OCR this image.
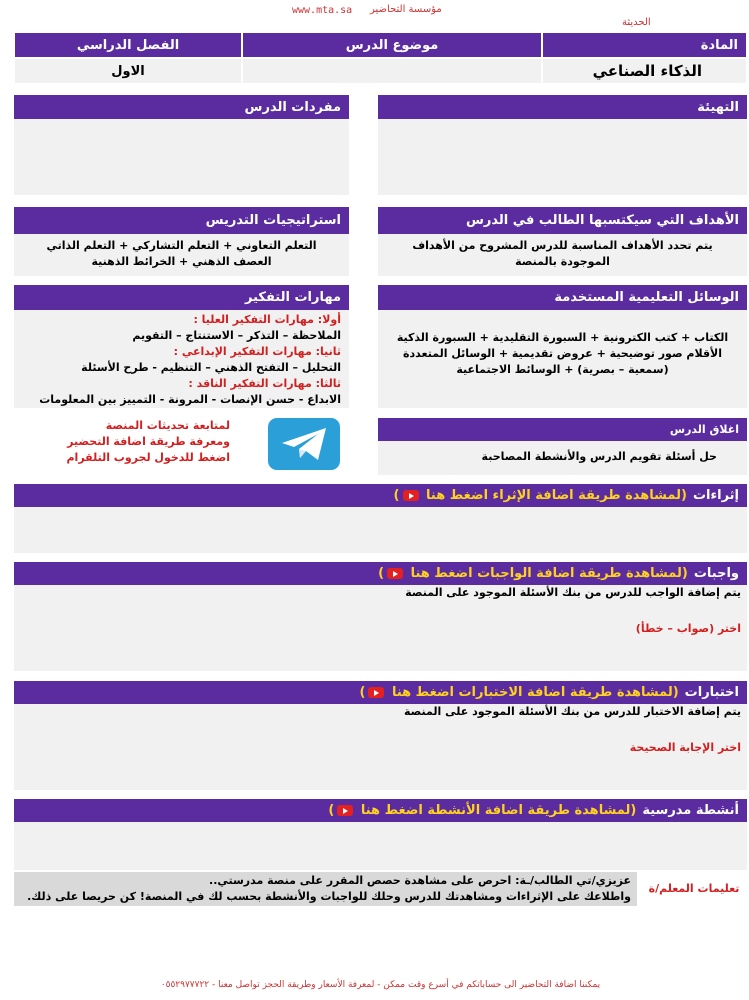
www.mta.sa مؤسسة التحاضير
الحديثة
المادة
موضوع الدرس
الفصل الدراسي
الذكاء الصناعي
الاول
التهيئة
مفردات الدرس
الأهداف التي سيكتسبها الطالب في الدرس
يتم تحدد الأهداف المناسبة للدرس المشروح من الأهداف الموجودة بالمنصة
استراتيجيات التدريس
التعلم التعاوني + التعلم التشاركي + التعلم الذاتي
العصف الذهني + الخرائط الذهنية
الوسائل التعليمية المستخدمة
الكتاب + كتب الكترونية + السبورة التقليدية + السبورة الذكية
الأقلام صور توضيحية + عروض تقديمية + الوسائل المتعددة
(سمعية – بصرية) + الوسائط الاجتماعية
مهارات التفكير
أولا: مهارات التفكير العليا :
الملاحظة – التذكر – الاستنتاج – التقويم
ثانيا: مهارات التفكير الإبداعي :
التحليل – التفتح الذهني – التنظيم - طرح الأسئلة
ثالثا: مهارات التفكير الناقد :
الابداع - حسن الإنصات - المرونة - التمييز بين المعلومات
لمتابعة تحديثات المنصة
ومعرفة طريقة اضافة التحضير
اضغط للدخول لجروب التلقرام
اغلاق الدرس
حل أسئلة تقويم الدرس والأنشطة المصاحبة
إثراءات
(لمشاهدة طريقة اضافة الإثراء اضغط هنا )
واجبات
(لمشاهدة طريقة اضافة الواجبات اضغط هنا )
يتم إضافة الواجب للدرس من بنك الأسئلة الموجود على المنصة
اختر (صواب – خطأ)
اختبارات
(لمشاهدة طريقة اضافة الاختبارات اضغط هنا )
يتم إضافة الاختبار للدرس من بنك الأسئلة الموجود على المنصة
اختر الإجابة الصحيحة
أنشطة مدرسية
(لمشاهدة طريقة اضافة الأنشطة اضغط هنا )
تعليمات المعلم/ة
عزيزي/تي الطالب/ـة: احرص على مشاهدة حصص المقرر على منصة مدرستي..
واطلاعك على الإثراءات ومشاهدتك للدرس وحلك للواجبات والأنشطة بحسب لك في المنصة! كن حريصا على ذلك.
يمكننا اضافة التحاضير الى حساباتكم في أسرع وقت ممكن - لمعرفة الأسعار وطريقة الحجز تواصل معنا - ٠٥٥٢٩٧٧٧٢٢
